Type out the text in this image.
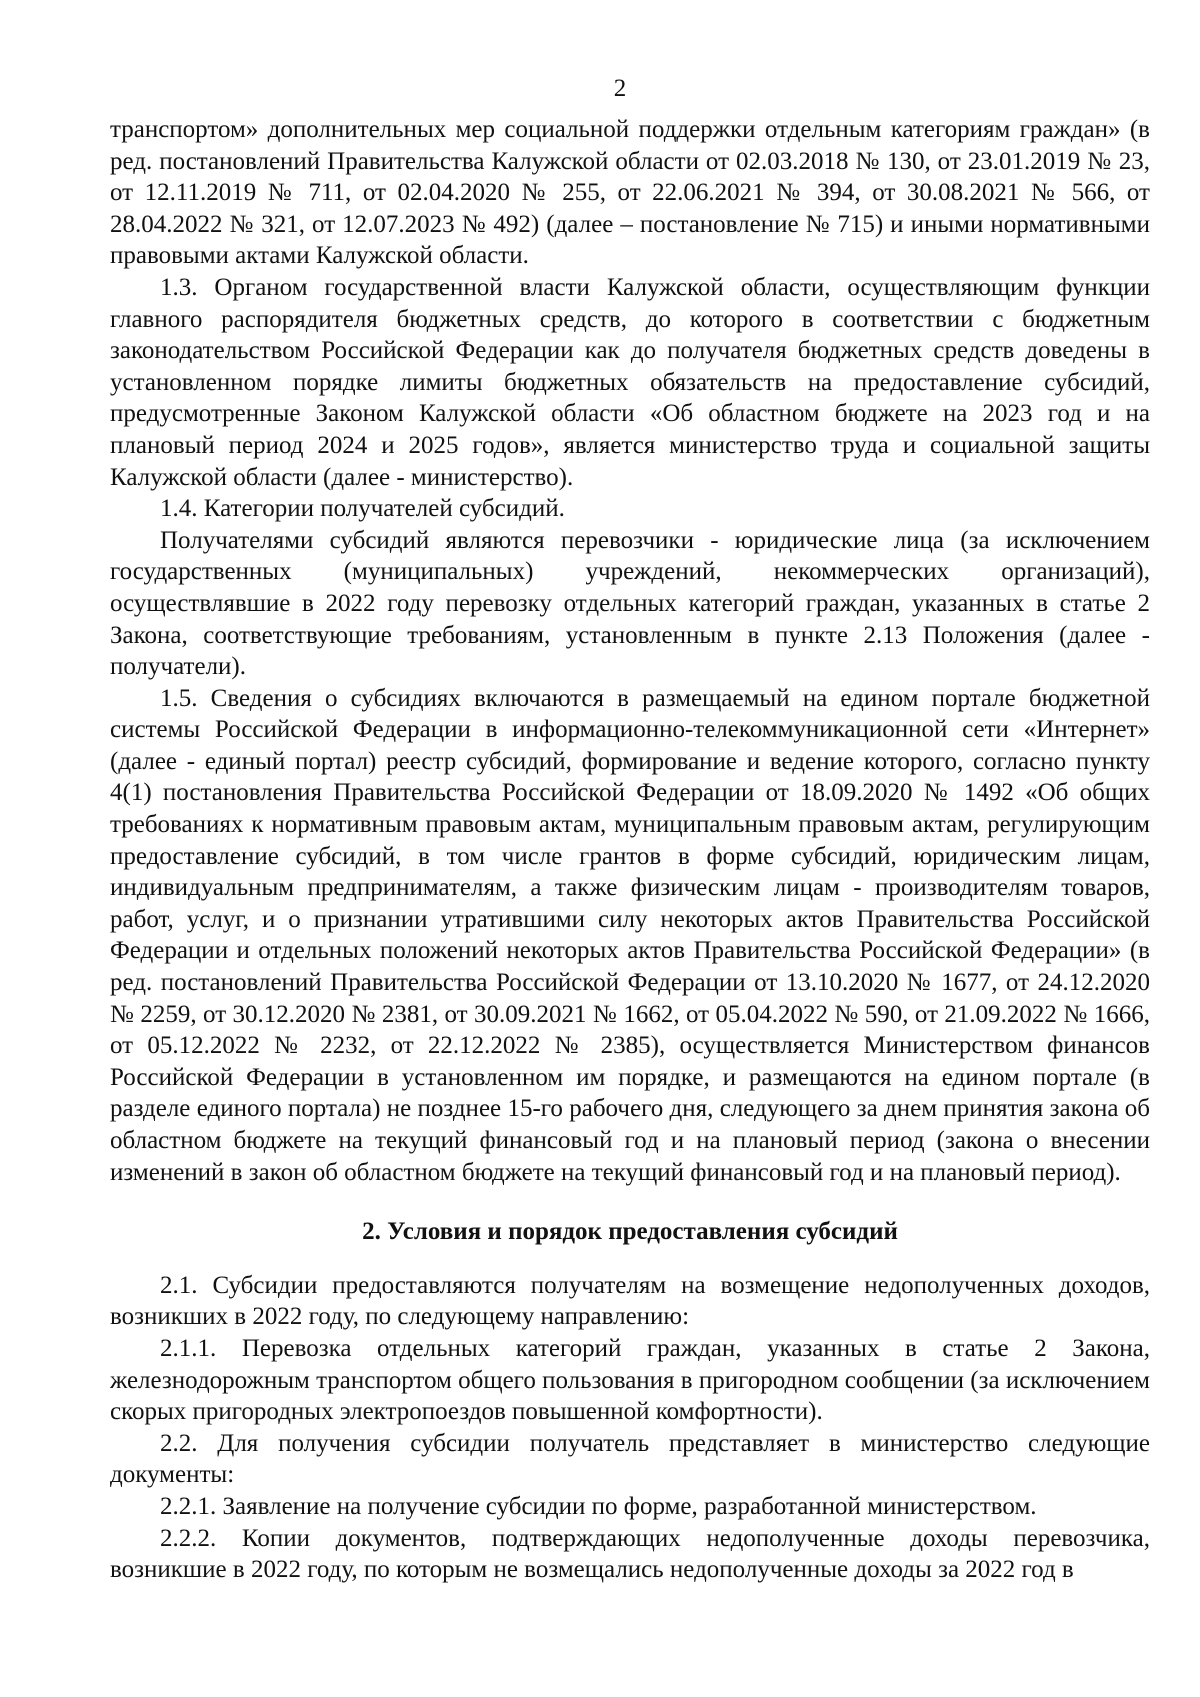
2

транспортом» дополнительных мер социальной поддержки отдельным категориям граждан» (в ред. постановлений Правительства Калужской области от 02.03.2018 № 130, от 23.01.2019 № 23, от 12.11.2019 № 711, от 02.04.2020 № 255, от 22.06.2021 № 394, от 30.08.2021 № 566, от 28.04.2022 № 321, от 12.07.2023 № 492) (далее – постановление № 715) и иными нормативными правовыми актами Калужской области.

1.3. Органом государственной власти Калужской области, осуществляющим функции главного распорядителя бюджетных средств, до которого в соответствии с бюджетным законодательством Российской Федерации как до получателя бюджетных средств доведены в установленном порядке лимиты бюджетных обязательств на предоставление субсидий, предусмотренные Законом Калужской области «Об областном бюджете на 2023 год и на плановый период 2024 и 2025 годов», является министерство труда и социальной защиты Калужской области (далее - министерство).

1.4. Категории получателей субсидий.

Получателями субсидий являются перевозчики - юридические лица (за исключением государственных (муниципальных) учреждений, некоммерческих организаций), осуществлявшие в 2022 году перевозку отдельных категорий граждан, указанных в статье 2 Закона, соответствующие требованиям, установленным в пункте 2.13 Положения (далее - получатели).

1.5. Сведения о субсидиях включаются в размещаемый на едином портале бюджетной системы Российской Федерации в информационно-телекоммуникационной сети «Интернет» (далее - единый портал) реестр субсидий, формирование и ведение которого, согласно пункту 4(1) постановления Правительства Российской Федерации от 18.09.2020 № 1492 «Об общих требованиях к нормативным правовым актам, муниципальным правовым актам, регулирующим предоставление субсидий, в том числе грантов в форме субсидий, юридическим лицам, индивидуальным предпринимателям, а также физическим лицам - производителям товаров, работ, услуг, и о признании утратившими силу некоторых актов Правительства Российской Федерации и отдельных положений некоторых актов Правительства Российской Федерации» (в ред. постановлений Правительства Российской Федерации от 13.10.2020 № 1677, от 24.12.2020 № 2259, от 30.12.2020 № 2381, от 30.09.2021 № 1662, от 05.04.2022 № 590, от 21.09.2022 № 1666, от 05.12.2022 № 2232, от 22.12.2022 № 2385), осуществляется Министерством финансов Российской Федерации в установленном им порядке, и размещаются на едином портале (в разделе единого портала) не позднее 15-го рабочего дня, следующего за днем принятия закона об областном бюджете на текущий финансовый год и на плановый период (закона о внесении изменений в закон об областном бюджете на текущий финансовый год и на плановый период).

2. Условия и порядок предоставления субсидий

2.1. Субсидии предоставляются получателям на возмещение недополученных доходов, возникших в 2022 году, по следующему направлению:

2.1.1. Перевозка отдельных категорий граждан, указанных в статье 2 Закона, железнодорожным транспортом общего пользования в пригородном сообщении (за исключением скорых пригородных электропоездов повышенной комфортности).

2.2. Для получения субсидии получатель представляет в министерство следующие документы:

2.2.1. Заявление на получение субсидии по форме, разработанной министерством.

2.2.2. Копии документов, подтверждающих недополученные доходы перевозчика, возникшие в 2022 году, по которым не возмещались недополученные доходы за 2022 год в
